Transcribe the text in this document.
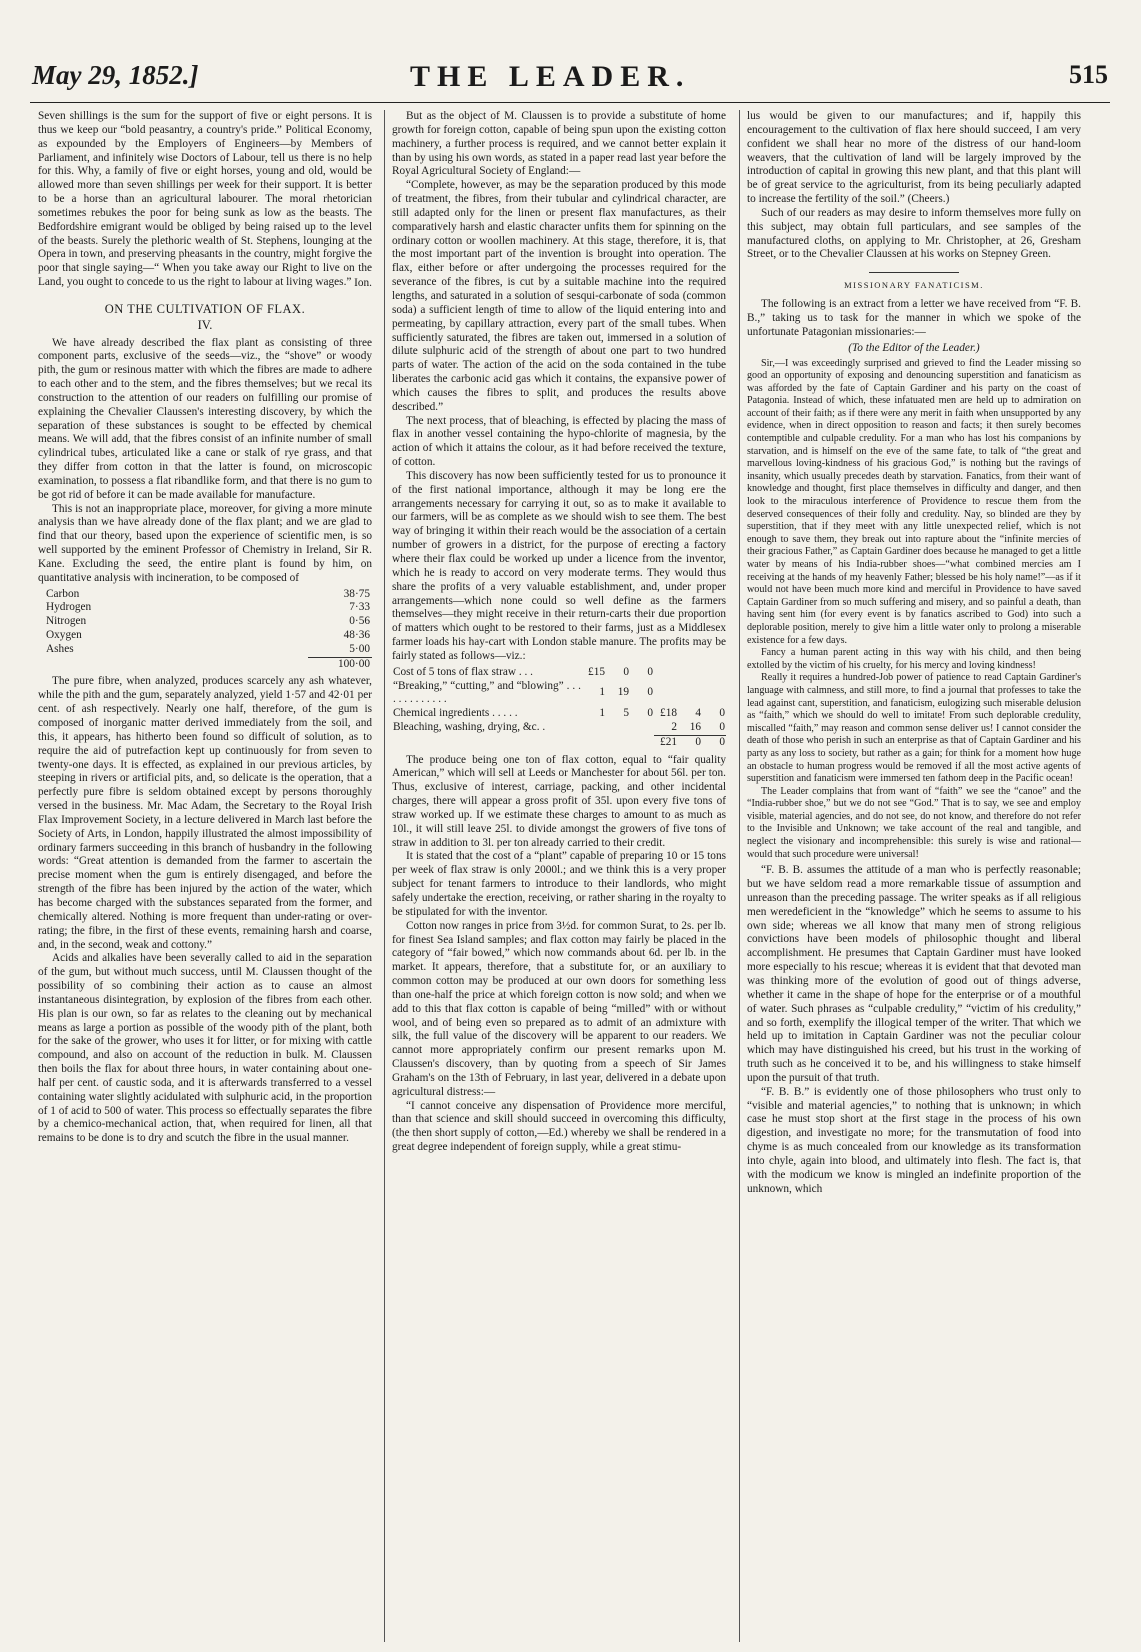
May 29, 1852.]	THE LEADER.	515

Seven shillings is the sum for the support of five or eight persons. It is thus we keep our “bold peasantry, a country's pride.” Political Economy, as expounded by the Employers of Engineers—by Members of Parliament, and infinitely wise Doctors of Labour, tell us there is no help for this. Why, a family of five or eight horses, young and old, would be allowed more than seven shillings per week for their support. It is better to be a horse than an agricultural labourer. The moral rhetorician sometimes rebukes the poor for being sunk as low as the beasts. The Bedfordshire emigrant would be obliged by being raised up to the level of the beasts. Surely the plethoric wealth of St. Stephens, lounging at the Opera in town, and preserving pheasants in the country, might forgive the poor that single saying—“ When you take away our Right to live on the Land, you ought to concede to us the right to labour at living wages.” Ion.
ON THE CULTIVATION OF FLAX.
IV.

We have already described the flax plant as consisting of three component parts, exclusive of the seeds—viz., the “shove” or woody pith, the gum or resinous matter with which the fibres are made to adhere to each other and to the stem, and the fibres themselves; but we recal its construction to the attention of our readers on fulfilling our promise of explaining the Chevalier Claussen's interesting discovery, by which the separation of these substances is sought to be effected by chemical means. We will add, that the fibres consist of an infinite number of small cylindrical tubes, articulated like a cane or stalk of rye grass, and that they differ from cotton in that the latter is found, on microscopic examination, to possess a flat ribandlike form, and that there is no gum to be got rid of before it can be made available for manufacture.

This is not an inappropriate place, moreover, for giving a more minute analysis than we have already done of the flax plant; and we are glad to find that our theory, based upon the experience of scientific men, is so well supported by the eminent Professor of Chemistry in Ireland, Sir R. Kane. Excluding the seed, the entire plant is found by him, on quantitative analysis with incineration, to be composed of

Carbon	38·75
Hydrogen	7·33
Nitrogen	0·56
Oxygen	48·36
Ashes	5·00
	100·00

The pure fibre, when analyzed, produces scarcely any ash whatever, while the pith and the gum, separately analyzed, yield 1·57 and 42·01 per cent. of ash respectively. Nearly one half, therefore, of the gum is composed of inorganic matter derived immediately from the soil, and this, it appears, has hitherto been found so difficult of solution, as to require the aid of putrefaction kept up continuously for from seven to twenty-one days. It is effected, as explained in our previous articles, by steeping in rivers or artificial pits, and, so delicate is the operation, that a perfectly pure fibre is seldom obtained except by persons thoroughly versed in the business. Mr. Mac Adam, the Secretary to the Royal Irish Flax Improvement Society, in a lecture delivered in March last before the Society of Arts, in London, happily illustrated the almost impossibility of ordinary farmers succeeding in this branch of husbandry in the following words: “Great attention is demanded from the farmer to ascertain the precise moment when the gum is entirely disengaged, and before the strength of the fibre has been injured by the action of the water, which has become charged with the substances separated from the former, and chemically altered. Nothing is more frequent than under-rating or over-rating; the fibre, in the first of these events, remaining harsh and coarse, and, in the second, weak and cottony.”

Acids and alkalies have been severally called to aid in the separation of the gum, but without much success, until M. Claussen thought of the possibility of so combining their action as to cause an almost instantaneous disintegration, by explosion of the fibres from each other. His plan is our own, so far as relates to the cleaning out by mechanical means as large a portion as possible of the woody pith of the plant, both for the sake of the grower, who uses it for litter, or for mixing with cattle compound, and also on account of the reduction in bulk. M. Claussen then boils the flax for about three hours, in water containing about one-half per cent. of caustic soda, and it is afterwards transferred to a vessel containing water slightly acidulated with sulphuric acid, in the proportion of 1 of acid to 500 of water. This process so effectually separates the fibre by a chemico-mechanical action, that, when required for linen, all that remains to be done is to dry and scutch the fibre in the usual manner.

But as the object of M. Claussen is to provide a substitute of home growth for foreign cotton, capable of being spun upon the existing cotton machinery, a further process is required, and we cannot better explain it than by using his own words, as stated in a paper read last year before the Royal Agricultural Society of England:—

“Complete, however, as may be the separation produced by this mode of treatment, the fibres, from their tubular and cylindrical character, are still adapted only for the linen or present flax manufactures, as their comparatively harsh and elastic character unfits them for spinning on the ordinary cotton or woollen machinery. At this stage, therefore, it is, that the most important part of the invention is brought into operation. The flax, either before or after undergoing the processes required for the severance of the fibres, is cut by a suitable machine into the required lengths, and saturated in a solution of sesqui-carbonate of soda (common soda) a sufficient length of time to allow of the liquid entering into and permeating, by capillary attraction, every part of the small tubes. When sufficiently saturated, the fibres are taken out, immersed in a solution of dilute sulphuric acid of the strength of about one part to two hundred parts of water. The action of the acid on the soda contained in the tube liberates the carbonic acid gas which it contains, the expansive power of which causes the fibres to split, and produces the results above described.”

The next process, that of bleaching, is effected by placing the mass of flax in another vessel containing the hypo-chlorite of magnesia, by the action of which it attains the colour, as it had before received the texture, of cotton.

This discovery has now been sufficiently tested for us to pronounce it of the first national importance, although it may be long ere the arrangements necessary for carrying it out, so as to make it available to our farmers, will be as complete as we should wish to see them. The best way of bringing it within their reach would be the association of a certain number of growers in a district, for the purpose of erecting a factory where their flax could be worked up under a licence from the inventor, which he is ready to accord on very moderate terms. They would thus share the profits of a very valuable establishment, and, under proper arrangements—which none could so well define as the farmers themselves—they might receive in their return-carts their due proportion of matters which ought to be restored to their farms, just as a Middlesex farmer loads his hay-cart with London stable manure. The profits may be fairly stated as follows—viz.:

Cost of 5 tons of flax straw . . .	£15	0	0			
“Breaking,” “cutting,” and “blowing” . . . . . . . . . . . . .	1	19	0			
Chemical ingredients . . . . .	1	5	0	£18	4	0
Bleaching, washing, drying, &c. .				2	16	0
				£21	0	0

The produce being one ton of flax cotton, equal to “fair quality American,” which will sell at Leeds or Manchester for about 56l. per ton. Thus, exclusive of interest, carriage, packing, and other incidental charges, there will appear a gross profit of 35l. upon every five tons of straw worked up. If we estimate these charges to amount to as much as 10l., it will still leave 25l. to divide amongst the growers of five tons of straw in addition to 3l. per ton already carried to their credit.

It is stated that the cost of a “plant” capable of preparing 10 or 15 tons per week of flax straw is only 2000l.; and we think this is a very proper subject for tenant farmers to introduce to their landlords, who might safely undertake the erection, receiving, or rather sharing in the royalty to be stipulated for with the inventor.

Cotton now ranges in price from 3½d. for common Surat, to 2s. per lb. for finest Sea Island samples; and flax cotton may fairly be placed in the category of “fair bowed,” which now commands about 6d. per lb. in the market. It appears, therefore, that a substitute for, or an auxiliary to common cotton may be produced at our own doors for something less than one-half the price at which foreign cotton is now sold; and when we add to this that flax cotton is capable of being “milled” with or without wool, and of being even so prepared as to admit of an admixture with silk, the full value of the discovery will be apparent to our readers. We cannot more appropriately confirm our present remarks upon M. Claussen's discovery, than by quoting from a speech of Sir James Graham's on the 13th of February, in last year, delivered in a debate upon agricultural distress:—

“I cannot conceive any dispensation of Providence more merciful, than that science and skill should succeed in overcoming this difficulty, (the then short supply of cotton,—Ed.) whereby we shall be rendered in a great degree independent of foreign supply, while a great stimu-

lus would be given to our manufactures; and if, happily this encouragement to the cultivation of flax here should succeed, I am very confident we shall hear no more of the distress of our hand-loom weavers, that the cultivation of land will be largely improved by the introduction of capital in growing this new plant, and that this plant will be of great service to the agriculturist, from its being peculiarly adapted to increase the fertility of the soil.” (Cheers.)

Such of our readers as may desire to inform themselves more fully on this subject, may obtain full particulars, and see samples of the manufactured cloths, on applying to Mr. Christopher, at 26, Gresham Street, or to the Chevalier Claussen at his works on Stepney Green.

MISSIONARY FANATICISM.

The following is an extract from a letter we have received from “F. B. B.,” taking us to task for the manner in which we spoke of the unfortunate Patagonian missionaries:—

(To the Editor of the Leader.)

Sir,—I was exceedingly surprised and grieved to find the Leader missing so good an opportunity of exposing and denouncing superstition and fanaticism as was afforded by the fate of Captain Gardiner and his party on the coast of Patagonia. Instead of which, these infatuated men are held up to admiration on account of their faith; as if there were any merit in faith when unsupported by any evidence, when in direct opposition to reason and facts; it then surely becomes contemptible and culpable credulity. For a man who has lost his companions by starvation, and is himself on the eve of the same fate, to talk of “the great and marvellous loving-kindness of his gracious God,” is nothing but the ravings of insanity, which usually precedes death by starvation. Fanatics, from their want of knowledge and thought, first place themselves in difficulty and danger, and then look to the miraculous interference of Providence to rescue them from the deserved consequences of their folly and credulity. Nay, so blinded are they by superstition, that if they meet with any little unexpected relief, which is not enough to save them, they break out into rapture about the “infinite mercies of their gracious Father,” as Captain Gardiner does because he managed to get a little water by means of his India-rubber shoes—“what combined mercies am I receiving at the hands of my heavenly Father; blessed be his holy name!”—as if it would not have been much more kind and merciful in Providence to have saved Captain Gardiner from so much suffering and misery, and so painful a death, than having sent him (for every event is by fanatics ascribed to God) into such a deplorable position, merely to give him a little water only to prolong a miserable existence for a few days.

Fancy a human parent acting in this way with his child, and then being extolled by the victim of his cruelty, for his mercy and loving kindness!

Really it requires a hundred-Job power of patience to read Captain Gardiner's language with calmness, and still more, to find a journal that professes to take the lead against cant, superstition, and fanaticism, eulogizing such miserable delusion as “faith,” which we should do well to imitate! From such deplorable credulity, miscalled “faith,” may reason and common sense deliver us! I cannot consider the death of those who perish in such an enterprise as that of Captain Gardiner and his party as any loss to society, but rather as a gain; for think for a moment how huge an obstacle to human progress would be removed if all the most active agents of superstition and fanaticism were immersed ten fathom deep in the Pacific ocean!

The Leader complains that from want of “faith” we see the “canoe” and the “India-rubber shoe,” but we do not see “God.” That is to say, we see and employ visible, material agencies, and do not see, do not know, and therefore do not refer to the Invisible and Unknown; we take account of the real and tangible, and neglect the visionary and incomprehensible: this surely is wise and rational—would that such procedure were universal!

“F. B. B. assumes the attitude of a man who is perfectly reasonable; but we have seldom read a more remarkable tissue of assumption and unreason than the preceding passage. The writer speaks as if all religious men weredeficient in the “knowledge” which he seems to assume to his own side; whereas we all know that many men of strong religious convictions have been models of philosophic thought and liberal accomplishment. He presumes that Captain Gardiner must have looked more especially to his rescue; whereas it is evident that that devoted man was thinking more of the evolution of good out of things adverse, whether it came in the shape of hope for the enterprise or of a mouthful of water. Such phrases as “culpable credulity,” “victim of his credulity,” and so forth, exemplify the illogical temper of the writer. That which we held up to imitation in Captain Gardiner was not the peculiar colour which may have distinguished his creed, but his trust in the working of truth such as he conceived it to be, and his willingness to stake himself upon the pursuit of that truth.

“F. B. B.” is evidently one of those philosophers who trust only to “visible and material agencies,” to nothing that is unknown; in which case he must stop short at the first stage in the process of his own digestion, and investigate no more; for the transmutation of food into chyme is as much concealed from our knowledge as its transformation into chyle, again into blood, and ultimately into flesh. The fact is, that with the modicum we know is mingled an indefinite proportion of the unknown, which
